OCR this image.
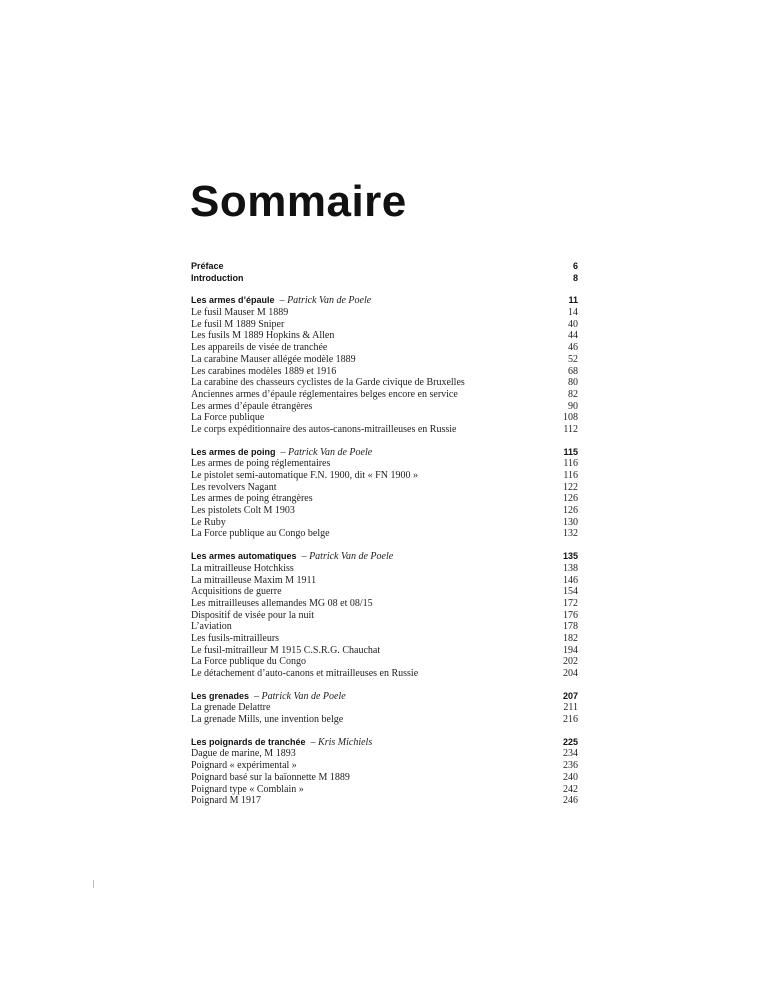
Sommaire
Préface	6
Introduction	8
Les armes d’épaule – Patrick Van de Poele	11
Le fusil Mauser M 1889	14
Le fusil M 1889 Sniper	40
Les fusils M 1889 Hopkins & Allen	44
Les appareils de visée de tranchée	46
La carabine Mauser allégée modèle 1889	52
Les carabines modèles 1889 et 1916	68
La carabine des chasseurs cyclistes de la Garde civique de Bruxelles	80
Anciennes armes d’épaule réglementaires belges encore en service	82
Les armes d’épaule étrangères	90
La Force publique	108
Le corps expéditionnaire des autos-canons-mitrailleuses en Russie	112
Les armes de poing – Patrick Van de Poele	115
Les armes de poing réglementaires	116
Le pistolet semi-automatique F.N. 1900, dit « FN 1900 »	116
Les revolvers Nagant	122
Les armes de poing étrangères	126
Les pistolets Colt M 1903	126
Le Ruby	130
La Force publique au Congo belge	132
Les armes automatiques – Patrick Van de Poele	135
La mitrailleuse Hotchkiss	138
La mitrailleuse Maxim M 1911	146
Acquisitions de guerre	154
Les mitrailleuses allemandes MG 08 et 08/15	172
Dispositif de visée pour la nuit	176
L’aviation	178
Les fusils-mitrailleurs	182
Le fusil-mitrailleur M 1915 C.S.R.G. Chauchat	194
La Force publique du Congo	202
Le détachement d’auto-canons et mitrailleuses en Russie	204
Les grenades – Patrick Van de Poele	207
La grenade Delattre	211
La grenade Mills, une invention belge	216
Les poignards de tranchée – Kris Michiels	225
Dague de marine, M 1893	234
Poignard « expérimental »	236
Poignard basé sur la baïonnette M 1889	240
Poignard type « Comblain »	242
Poignard M 1917	246
